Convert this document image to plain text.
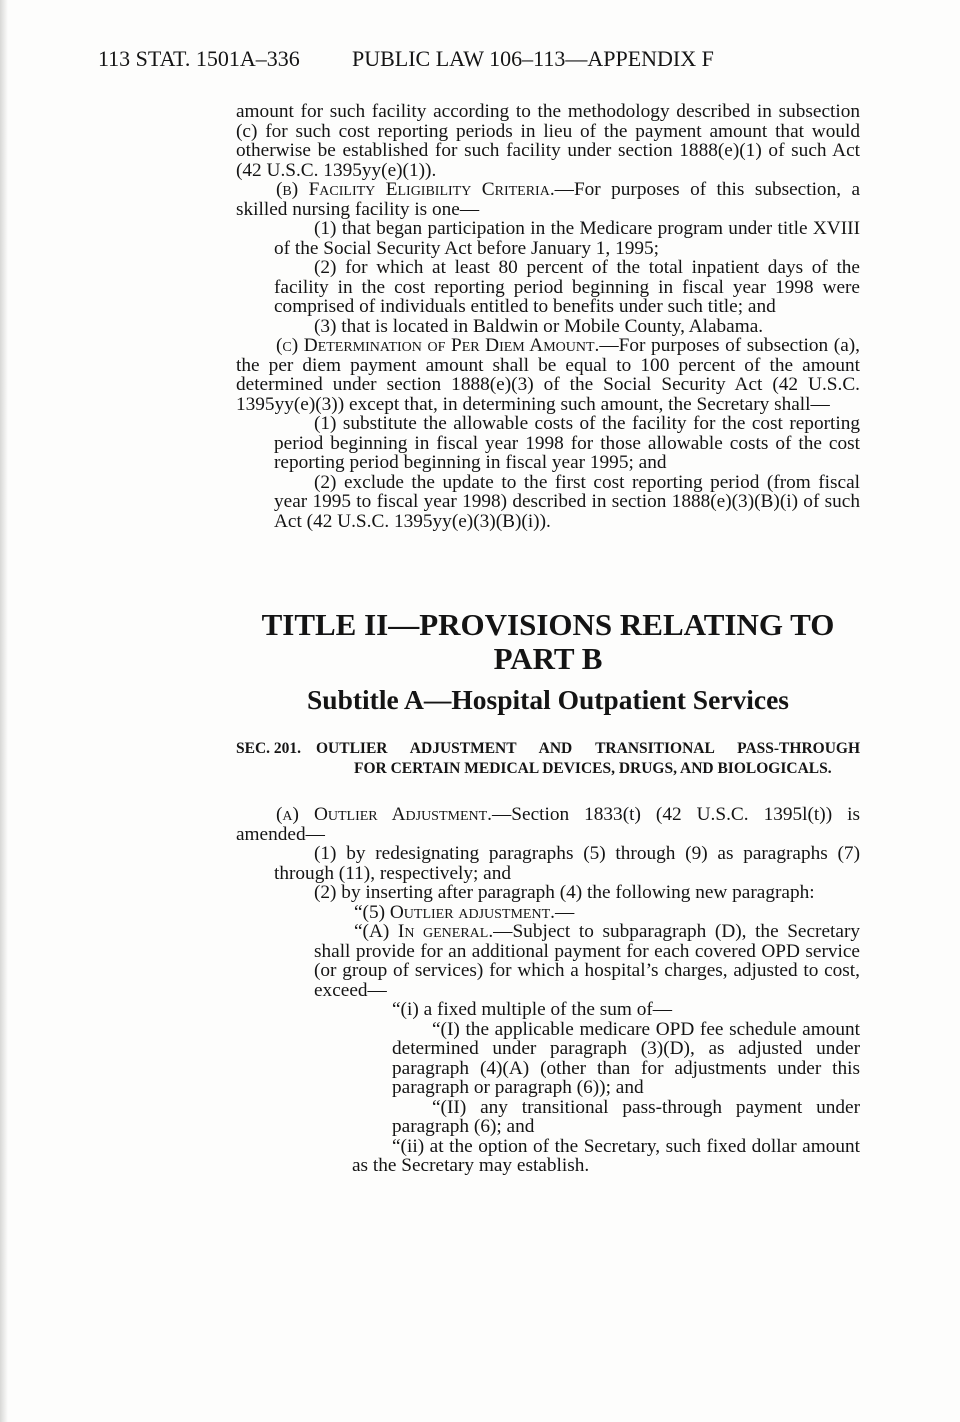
113 STAT. 1501A–336 PUBLIC LAW 106–113—APPENDIX F

amount for such facility according to the methodology described in subsection (c) for such cost reporting periods in lieu of the payment amount that would otherwise be established for such facility under section 1888(e)(1) of such Act (42 U.S.C. 1395yy(e)(1)).

(b) Facility Eligibility Criteria.—For purposes of this subsection, a skilled nursing facility is one—

(1) that began participation in the Medicare program under title XVIII of the Social Security Act before January 1, 1995;

(2) for which at least 80 percent of the total inpatient days of the facility in the cost reporting period beginning in fiscal year 1998 were comprised of individuals entitled to benefits under such title; and

(3) that is located in Baldwin or Mobile County, Alabama.

(c) Determination of Per Diem Amount.—For purposes of subsection (a), the per diem payment amount shall be equal to 100 percent of the amount determined under section 1888(e)(3) of the Social Security Act (42 U.S.C. 1395yy(e)(3)) except that, in determining such amount, the Secretary shall—

(1) substitute the allowable costs of the facility for the cost reporting period beginning in fiscal year 1998 for those allowable costs of the cost reporting period beginning in fiscal year 1995; and

(2) exclude the update to the first cost reporting period (from fiscal year 1995 to fiscal year 1998) described in section 1888(e)(3)(B)(i) of such Act (42 U.S.C. 1395yy(e)(3)(B)(i)).

TITLE II—PROVISIONS RELATING TO

PART B

Subtitle A—Hospital Outpatient Services

SEC. 201. OUTLIER ADJUSTMENT AND TRANSITIONAL PASS-THROUGH
FOR CERTAIN MEDICAL DEVICES, DRUGS, AND BIOLOGICALS.

(a) Outlier Adjustment.—Section 1833(t) (42 U.S.C. 1395l(t)) is amended—

(1) by redesignating paragraphs (5) through (9) as paragraphs (7) through (11), respectively; and

(2) by inserting after paragraph (4) the following new paragraph:

“(5) Outlier adjustment.—

“(A) In general.—Subject to subparagraph (D), the Secretary shall provide for an additional payment for each covered OPD service (or group of services) for which a hospital’s charges, adjusted to cost, exceed—

“(i) a fixed multiple of the sum of—

“(I) the applicable medicare OPD fee schedule amount determined under paragraph (3)(D), as adjusted under paragraph (4)(A) (other than for adjustments under this paragraph or paragraph (6)); and

“(II) any transitional pass-through payment under paragraph (6); and

“(ii) at the option of the Secretary, such fixed dollar amount as the Secretary may establish.
